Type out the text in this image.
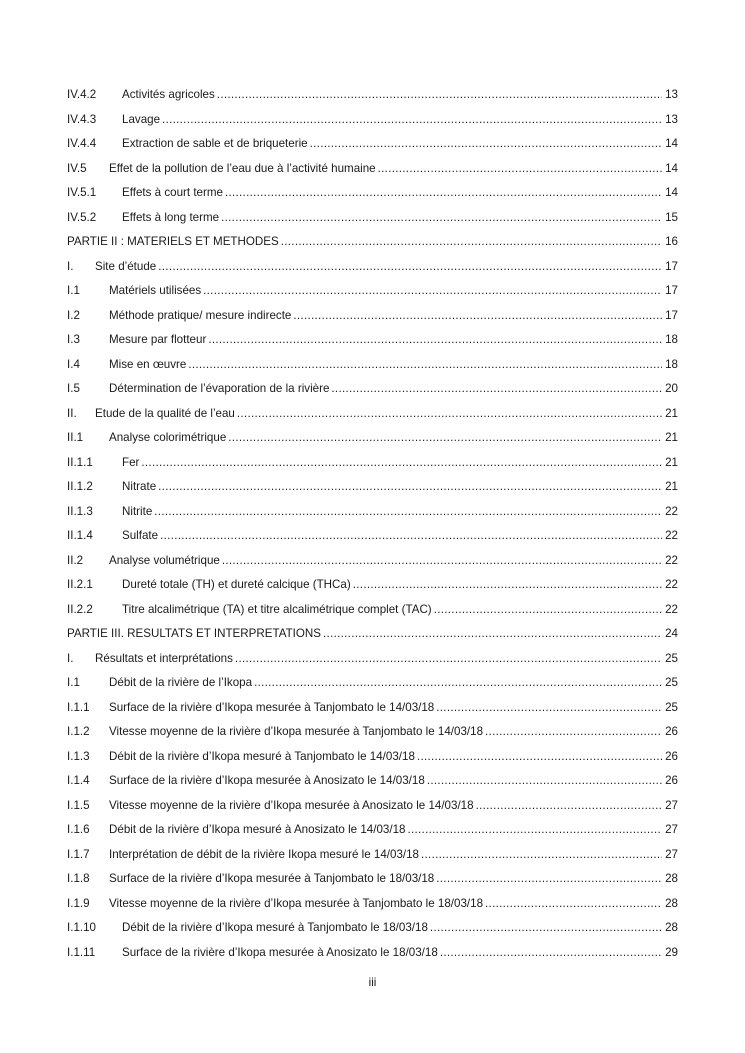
IV.4.2	Activités agricoles .....	13
IV.4.3	Lavage .....	13
IV.4.4	Extraction de sable et de briqueterie .....	14
IV.5	Effet de la pollution de l’eau due à l’activité humaine .....	14
IV.5.1	Effets à court terme .....	14
IV.5.2	Effets à long terme .....	15
PARTIE II : MATERIELS ET METHODES .....	16
I.	Site d’étude .....	17
I.1	Matériels utilisées .....	17
I.2	Méthode pratique/ mesure indirecte .....	17
I.3	Mesure par flotteur .....	18
I.4	Mise en œuvre .....	18
I.5	Détermination de l’évaporation de la rivière .....	20
II.	Etude de la qualité de l’eau .....	21
II.1	Analyse colorimétrique .....	21
II.1.1	Fer .....	21
II.1.2	Nitrate .....	21
II.1.3	Nitrite .....	22
II.1.4	Sulfate .....	22
II.2	Analyse volumétrique .....	22
II.2.1	Dureté totale (TH) et dureté calcique (THCa) .....	22
II.2.2	Titre alcalimétrique (TA) et titre alcalimétrique complet (TAC) .....	22
PARTIE III. RESULTATS ET INTERPRETATIONS .....	24
I.	Résultats et interprétations .....	25
I.1	Débit de la rivière de l’Ikopa .....	25
I.1.1	Surface de la rivière d’Ikopa mesurée à Tanjombato le 14/03/18 .....	25
I.1.2	Vitesse moyenne de la rivière d’Ikopa mesurée à Tanjombato le 14/03/18 .....	26
I.1.3	Débit de la rivière d’Ikopa mesuré à Tanjombato le 14/03/18 .....	26
I.1.4	Surface de la rivière d’Ikopa mesurée à Anosizato le 14/03/18 .....	26
I.1.5	Vitesse moyenne de la rivière d’Ikopa mesurée à Anosizato le 14/03/18 .....	27
I.1.6	Débit de la rivière d’Ikopa mesuré à Anosizato le 14/03/18 .....	27
I.1.7	Interprétation de débit de la rivière Ikopa mesuré le 14/03/18 .....	27
I.1.8	Surface de la rivière d’Ikopa mesurée à Tanjombato le 18/03/18 .....	28
I.1.9	Vitesse moyenne de la rivière d’Ikopa mesurée à Tanjombato le 18/03/18 .....	28
I.1.10	Débit de la rivière d’Ikopa mesuré à Tanjombato le 18/03/18 .....	28
I.1.11	Surface de la rivière d’Ikopa mesurée à Anosizato le 18/03/18 .....	29
iii
